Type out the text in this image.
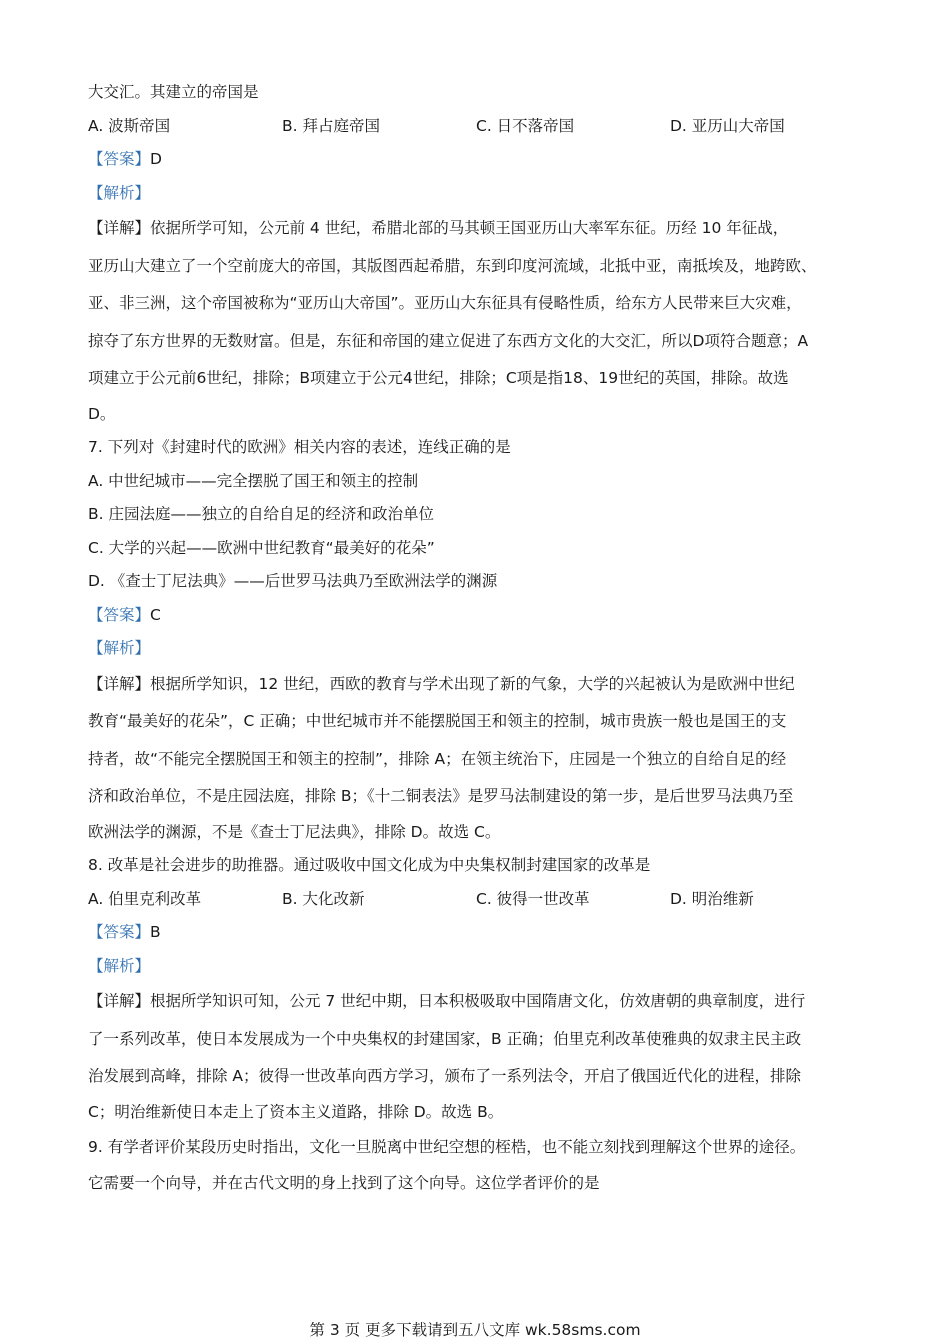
大交汇。其建立的帝国是
A. 波斯帝国	B. 拜占庭帝国	C. 日不落帝国	D. 亚历山大帝国
【答案】D
【解析】
【详解】依据所学可知，公元前 4 世纪，希腊北部的马其顿王国亚历山大率军东征。历经 10 年征战，
亚历山大建立了一个空前庞大的帝国，其版图西起希腊，东到印度河流域，北抵中亚，南抵埃及，地跨欧、
亚、非三洲，这个帝国被称为“亚历山大帝国”。亚历山大东征具有侵略性质，给东方人民带来巨大灾难，
掠夺了东方世界的无数财富。但是，东征和帝国的建立促进了东西方文化的大交汇，所以D项符合题意；A
项建立于公元前6世纪，排除；B项建立于公元4世纪，排除；C项是指18、19世纪的英国，排除。故选
D。
7. 下列对《封建时代的欧洲》相关内容的表述，连线正确的是
A. 中世纪城市——完全摆脱了国王和领主的控制
B. 庄园法庭——独立的自给自足的经济和政治单位
C. 大学的兴起——欧洲中世纪教育“最美好的花朵”
D. 《查士丁尼法典》——后世罗马法典乃至欧洲法学的渊源
【答案】C
【解析】
【详解】根据所学知识，12 世纪，西欧的教育与学术出现了新的气象，大学的兴起被认为是欧洲中世纪
教育“最美好的花朵”，C 正确；中世纪城市并不能摆脱国王和领主的控制，城市贵族一般也是国王的支
持者，故“不能完全摆脱国王和领主的控制”，排除 A；在领主统治下，庄园是一个独立的自给自足的经
济和政治单位，不是庄园法庭，排除 B；《十二铜表法》是罗马法制建设的第一步，是后世罗马法典乃至
欧洲法学的渊源，不是《查士丁尼法典》，排除 D。故选 C。
8. 改革是社会进步的助推器。通过吸收中国文化成为中央集权制封建国家的改革是
A. 伯里克利改革	B. 大化改新	C. 彼得一世改革	D. 明治维新
【答案】B
【解析】
【详解】根据所学知识可知，公元 7 世纪中期，日本积极吸取中国隋唐文化，仿效唐朝的典章制度，进行
了一系列改革，使日本发展成为一个中央集权的封建国家，B 正确；伯里克利改革使雅典的奴隶主民主政
治发展到高峰，排除 A；彼得一世改革向西方学习，颁布了一系列法令，开启了俄国近代化的进程，排除
C；明治维新使日本走上了资本主义道路，排除 D。故选 B。
9. 有学者评价某段历史时指出，文化一旦脱离中世纪空想的桎梏，也不能立刻找到理解这个世界的途径。
它需要一个向导，并在古代文明的身上找到了这个向导。这位学者评价的是
第 3 页 更多下载请到五八文库 wk.58sms.com
